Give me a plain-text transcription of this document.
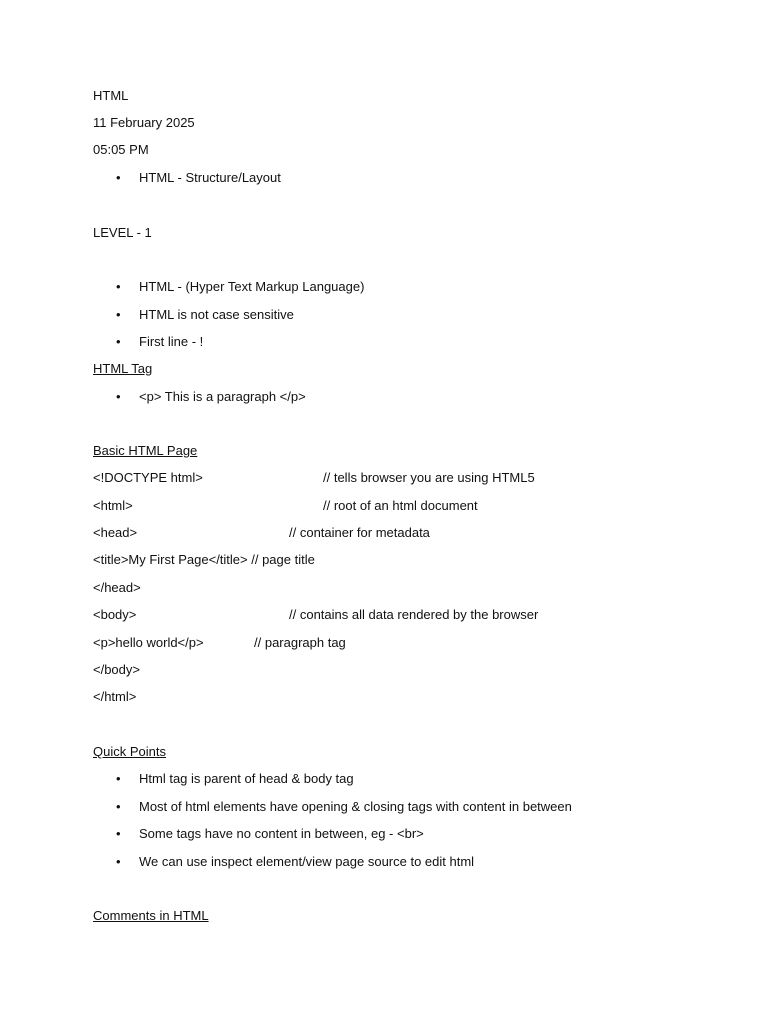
HTML
11 February 2025
05:05 PM
• HTML - Structure/Layout
LEVEL - 1
• HTML - (Hyper Text Markup Language)
• HTML is not case sensitive
• First line - !
HTML Tag
• <p> This is a paragraph </p>
Basic HTML Page
<!DOCTYPE html>	// tells browser you are using HTML5
<html>	// root of an html document
<head>	// container for metadata
<title>My First Page</title> // page title
</head>
<body>	// contains all data rendered by the browser
<p>hello world</p>	// paragraph tag
</body>
</html>
Quick Points
• Html tag is parent of head & body tag
• Most of html elements have opening & closing tags with content in between
• Some tags have no content in between, eg - <br>
• We can use inspect element/view page source to edit html
Comments in HTML
